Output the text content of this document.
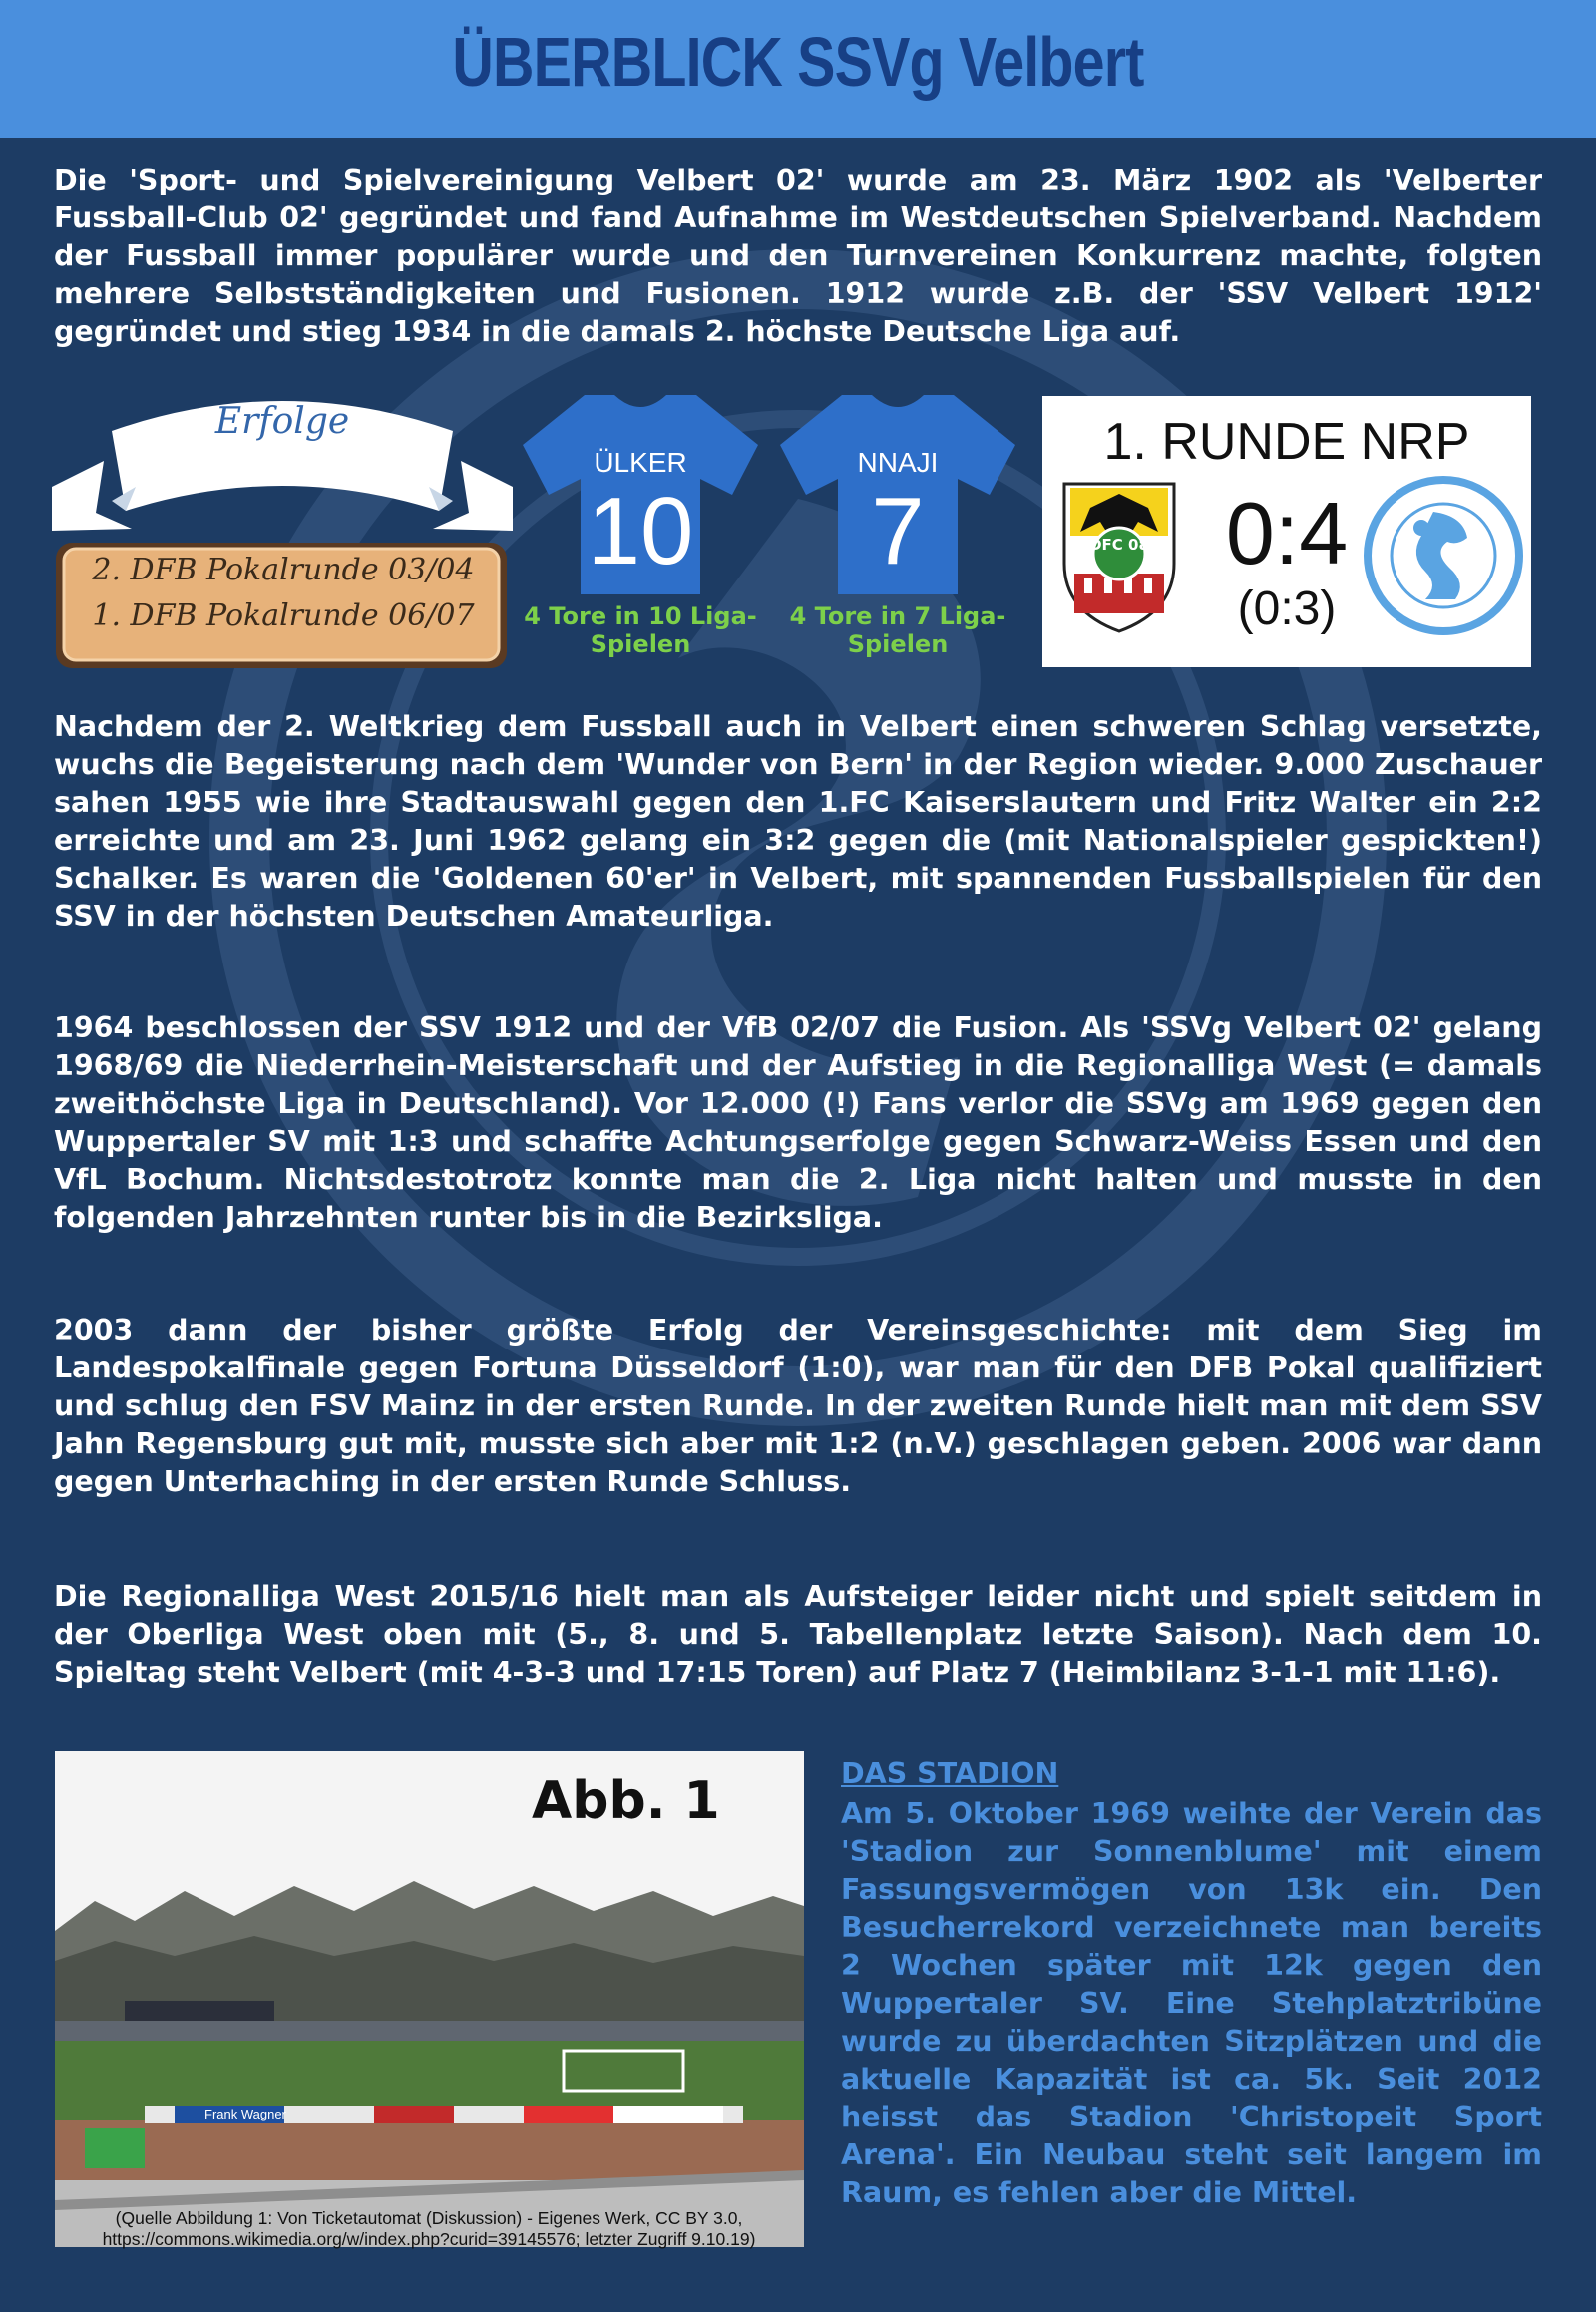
ÜBERBLICK SSVg Velbert

Die 'Sport- und Spielvereinigung Velbert 02' wurde am 23. März 1902 als 'Velberter Fussball-Club 02' gegründet und fand Aufnahme im Westdeutschen Spielverband. Nachdem der Fussball immer populärer wurde und den Turnvereinen Konkurrenz machte, folgten mehrere Selbstständigkeiten und Fusionen. 1912 wurde z.B. der 'SSV Velbert 1912' gegründet und stieg 1934 in die damals 2. höchste Deutsche Liga auf.

Erfolge
2. DFB Pokalrunde 03/04
1. DFB Pokalrunde 06/07
ÜLKER
10
4 Tore in 10 Liga-Spielen
NNAJI
7
4 Tore in 7 Liga-Spielen
1. RUNDE NRP
DFC 08 0:4
(0:3)

Nachdem der 2. Weltkrieg dem Fussball auch in Velbert einen schweren Schlag versetzte, wuchs die Begeisterung nach dem 'Wunder von Bern' in der Region wieder. 9.000 Zuschauer sahen 1955 wie ihre Stadtauswahl gegen den 1.FC Kaiserslautern und Fritz Walter ein 2:2 erreichte und am 23. Juni 1962 gelang ein 3:2 gegen die (mit Nationalspieler gespickten!) Schalker. Es waren die 'Goldenen 60'er' in Velbert, mit spannenden Fussballspielen für den SSV in der höchsten Deutschen Amateurliga.

1964 beschlossen der SSV 1912 und der VfB 02/07 die Fusion. Als 'SSVg Velbert 02' gelang 1968/69 die Niederrhein-Meisterschaft und der Aufstieg in die Regionalliga West (= damals zweithöchste Liga in Deutschland). Vor 12.000 (!) Fans verlor die SSVg am 1969 gegen den Wuppertaler SV mit 1:3 und schaffte Achtungserfolge gegen Schwarz-Weiss Essen und den VfL Bochum. Nichtsdestotrotz konnte man die 2. Liga nicht halten und musste in den folgenden Jahrzehnten runter bis in die Bezirksliga.

2003 dann der bisher größte Erfolg der Vereinsgeschichte: mit dem Sieg im Landespokalfinale gegen Fortuna Düsseldorf (1:0), war man für den DFB Pokal qualifiziert und schlug den FSV Mainz in der ersten Runde. In der zweiten Runde hielt man mit dem SSV Jahn Regensburg gut mit, musste sich aber mit 1:2 (n.V.) geschlagen geben. 2006 war dann gegen Unterhaching in der ersten Runde Schluss.

Die Regionalliga West 2015/16 hielt man als Aufsteiger leider nicht und spielt seitdem in der Oberliga West oben mit (5., 8. und 5. Tabellenplatz letzte Saison). Nach dem 10. Spieltag steht Velbert (mit 4-3-3 und 17:15 Toren) auf Platz 7 (Heimbilanz 3-1-1 mit 11:6).

Frank Wagner
Abb. 1
(Quelle Abbildung 1: Von Ticketautomat (Diskussion) - Eigenes Werk, CC BY 3.0,
https://commons.wikimedia.org/w/index.php?curid=39145576; letzter Zugriff 9.10.19)
DAS STADION

Am 5. Oktober 1969 weihte der Verein das 'Stadion zur Sonnenblume' mit einem Fassungsvermögen von 13k ein. Den Besucherrekord verzeichnete man bereits 2 Wochen später mit 12k gegen den Wuppertaler SV. Eine Stehplatztribüne wurde zu überdachten Sitzplätzen und die aktuelle Kapazität ist ca. 5k. Seit 2012 heisst das Stadion 'Christopeit Sport Arena'. Ein Neubau steht seit langem im Raum, es fehlen aber die Mittel.
